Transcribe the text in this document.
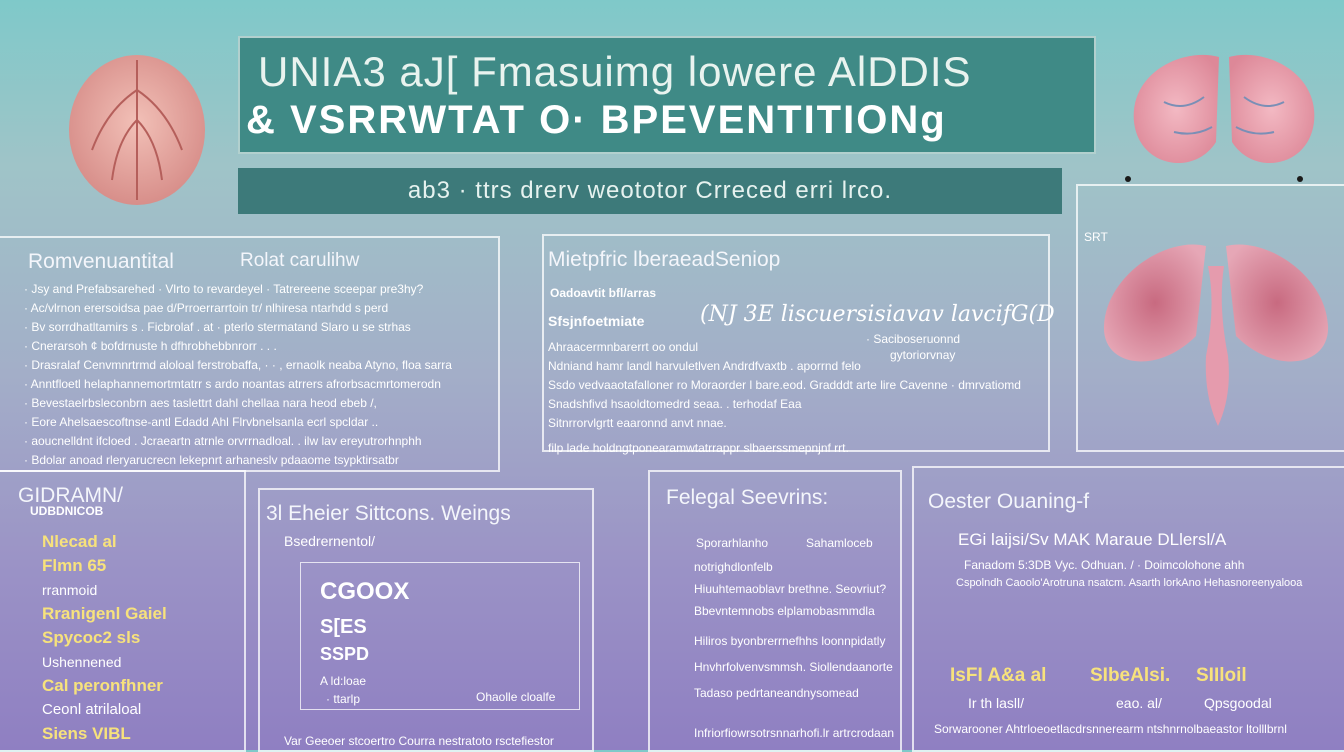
UNIA3 aJ[ Fmasuimg lowere AlDDIS
& VSRRWTAT O· BPEVENTITIONg
ab3 · ttrs drerv weototor Crreced erri lrco.
Romvenuantital	Rolat carulihw
· Jsy and Prefabsarehed · Vlrto to revardeyel · Tatrereene sceepar pre3hy?
· Ac/vlrnon erersoidsa pae d/Prroerrarrtoin tr/ nlhiresa ntarhdd s perd
· Bv sorrdhatltamirs s . Ficbrolaf . at · pterlo stermatand Slaro u se strhas
· Cnerarsoh ¢ bofdrnuste h dfhrobhebbnrorr . . .
· Drasralaf Cenvmnrtrmd aloloal ferstrobaffa, · · , ernaolk neaba Atyno, floa sarra
· Anntfloetl helaphannemortmtatrr s ardo noantas atrrers afrorbsacmrtomerodn
· Bevestaelrbsleconbrn aes taslettrt dahl chellaa nara heod ebeb /,
· Eore Ahelsaescoftnse-antl Edadd Ahl Flrvbnelsanla ecrl spcldar ..
· aoucnelldnt ifcloed . Jcraeartn atrnle orvrrnadloal. . ilw lav ereyutrorhnphh
· Bdolar anoad rleryarucrecn lekepnrt arhaneslv pdaaome tsypktirsatbr
Mietpfric lberaeadSeniop
Oadoavtit bfl/arras
Sfsjnfoetmiate	(NJ 3E liscuersisiavav lavcifG(D
· Saciboseruonnd
gytoriorvnay
Ahraacermnbarerrt oo ondul
Ndniand hamr landl harvuletlven Andrdfvaxtb . aporrnd felo
Ssdo vedvaaotafalloner ro Moraorder l bare.eod. Gradddt arte lire Cavenne · dmrvatiomd
Snadshfivd hsaoldtomedrd seaa. . terhodaf Eaa
Sitnrrorvlgrtt eaaronnd anvt nnae.
filp lade holdngtponearamwtatrrappr slbaerssmepnjnf rrt.
SRT
GIDRAMN/
UDBDNICOB
Nlecad al
Flmn 65
rranmoid
Rranigenl Gaiel
Spycoc2 sls
Ushennened
Cal peronfhner
Ceonl atrilaloal
Siens VIBL
3l Eheier Sittcons. Weings
Bsedrernentol/
CGOOX
S[ES
SSPD
A ld:loae
· ttarlp	Ohaolle cloalfe
Var Geeoer stcoertro Courra nestratoto rsctefiestor
Felegal Seevrins:
Sporarhlanho	Sahamloceb
notrighdlonfelb
Hiuuhtemaoblavr brethne. Seovriut?
Bbevntemnobs elplamobasmmdla
Hiliros byonbrerrnefhhs loonnpidatly
Hnvhrfolvenvsmmsh. Siollendaanorte
Tadaso pedrtaneandnysomead
Infriorfiowrsotrsnnarhofi.lr artrcrodaan
Oester Ouaning-f
EGi laijsi/Sv MAK Maraue DLlersl/A
Fanadom 5:3DB Vyc. Odhuan. / · Doimcolohone ahh
Cspolndh Caoolo'Arotruna nsatcm. Asarth lorkAno Hehasnoreenyalooa
IsFI A&a al SIbeAlsi. SIIloil
Ir th lasll/	eao. al/	Qpsgoodal
Sorwarooner Ahtrloeoetlacdrsnnerearm ntshnrnolbaeastor ltolllbrnl
